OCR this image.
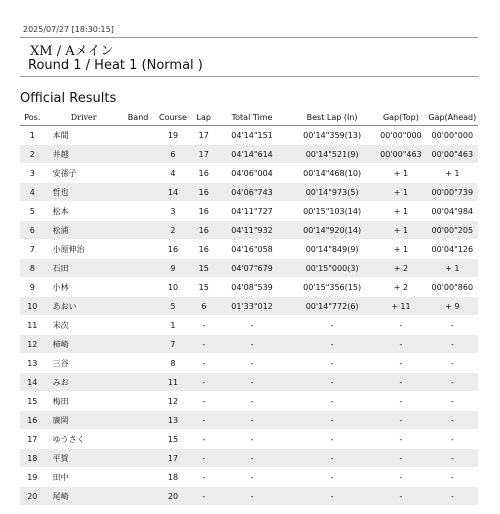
2025/07/27 [18:30:15]
XM / Aメイン
Round 1 / Heat 1 (Normal )
Official Results
Pos.	Driver	Band	Course	Lap	Total Time	Best Lap (In)	Gap(Top)	Gap(Ahead)
1	本間		19	17	04'14"151	00'14"359(13)	00'00"000	00'00"000
2	井越		6	17	04'14"614	00'14"521(9)	00'00"463	00'00"463
3	安孫子		4	16	04'06"004	00'14"468(10)	+ 1	+ 1
4	哲也		14	16	04'06"743	00'14"973(5)	+ 1	00'00"739
5	松本		3	16	04'11"727	00'15"103(14)	+ 1	00'04"984
6	松浦		2	16	04'11"932	00'14"920(14)	+ 1	00'00"205
7	小原伸治		16	16	04'16"058	00'14"849(9)	+ 1	00'04"126
8	石田		9	15	04'07"679	00'15"000(3)	+ 2	+ 1
9	小林		10	15	04'08"539	00'15"356(15)	+ 2	00'00"860
10	あおい		5	6	01'33"012	00'14"772(6)	+ 11	+ 9
11	末次		1	-	-	-	-	-
12	柿崎		7	-	-	-	-	-
13	三谷		8	-	-	-	-	-
14	みお		11	-	-	-	-	-
15	梅田		12	-	-	-	-	-
16	廣岡		13	-	-	-	-	-
17	ゆうさく		15	-	-	-	-	-
18	平賀		17	-	-	-	-	-
19	田中		18	-	-	-	-	-
20	尾崎		20	-	-	-	-	-
